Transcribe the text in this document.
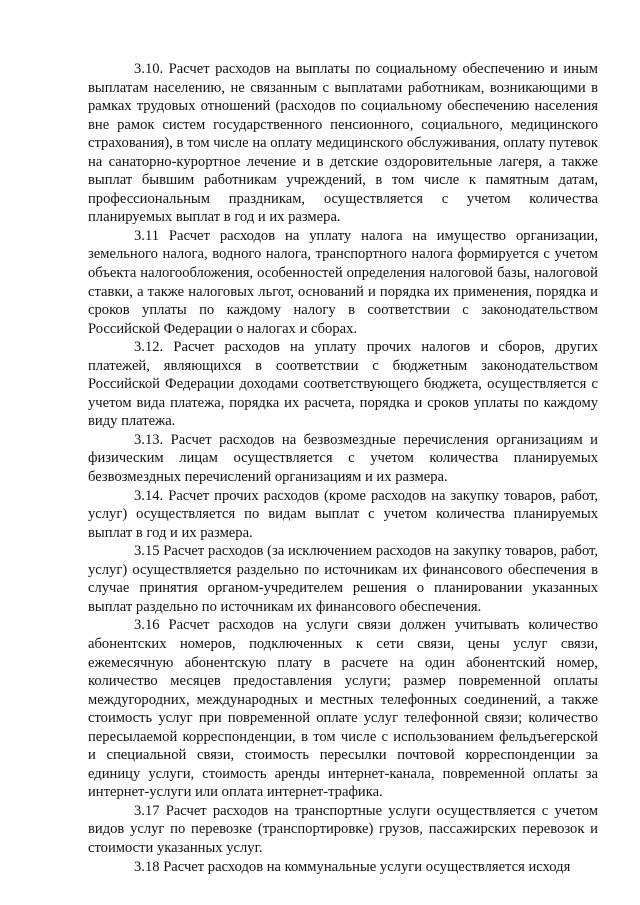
3.10. Расчет расходов на выплаты по социальному обеспечению и иным выплатам населению, не связанным с выплатами работникам, возникающими в рамках трудовых отношений (расходов по социальному обеспечению населения вне рамок систем государственного пенсионного, социального, медицинского страхования), в том числе на оплату медицинского обслуживания, оплату путевок на санаторно-курортное лечение и в детские оздоровительные лагеря, а также выплат бывшим работникам учреждений, в том числе к памятным датам, профессиональным праздникам, осуществляется с учетом количества планируемых выплат в год и их размера.

3.11 Расчет расходов на уплату налога на имущество организации, земельного налога, водного налога, транспортного налога формируется с учетом объекта налогообложения, особенностей определения налоговой базы, налоговой ставки, а также налоговых льгот, оснований и порядка их применения, порядка и сроков уплаты по каждому налогу в соответствии с законодательством Российской Федерации о налогах и сборах.

3.12. Расчет расходов на уплату прочих налогов и сборов, других платежей, являющихся в соответствии с бюджетным законодательством Российской Федерации доходами соответствующего бюджета, осуществляется с учетом вида платежа, порядка их расчета, порядка и сроков уплаты по каждому виду платежа.

3.13. Расчет расходов на безвозмездные перечисления организациям и физическим лицам осуществляется с учетом количества планируемых безвозмездных перечислений организациям и их размера.

3.14. Расчет прочих расходов (кроме расходов на закупку товаров, работ, услуг) осуществляется по видам выплат с учетом количества планируемых выплат в год и их размера.

3.15 Расчет расходов (за исключением расходов на закупку товаров, работ, услуг) осуществляется раздельно по источникам их финансового обеспечения в случае принятия органом-учредителем решения о планировании указанных выплат раздельно по источникам их финансового обеспечения.

3.16 Расчет расходов на услуги связи должен учитывать количество абонентских номеров, подключенных к сети связи, цены услуг связи, ежемесячную абонентскую плату в расчете на один абонентский номер, количество месяцев предоставления услуги; размер повременной оплаты междугородних, международных и местных телефонных соединений, а также стоимость услуг при повременной оплате услуг телефонной связи; количество пересылаемой корреспонденции, в том числе с использованием фельдъегерской и специальной связи, стоимость пересылки почтовой корреспонденции за единицу услуги, стоимость аренды интернет-канала, повременной оплаты за интернет-услуги или оплата интернет-трафика.

3.17 Расчет расходов на транспортные услуги осуществляется с учетом видов услуг по перевозке (транспортировке) грузов, пассажирских перевозок и стоимости указанных услуг.

3.18 Расчет расходов на коммунальные услуги осуществляется исходя
